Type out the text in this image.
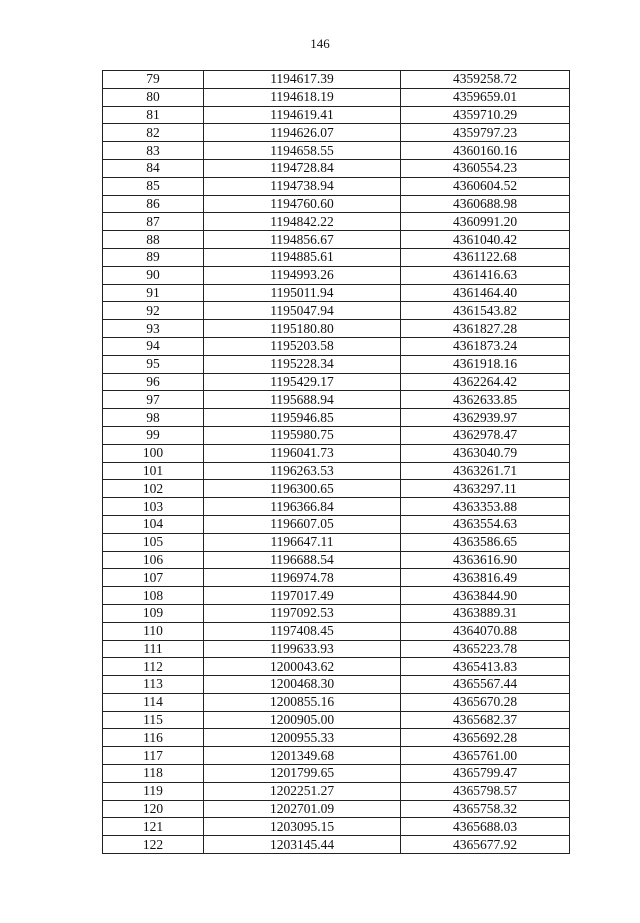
146
79	1194617.39	4359258.72
80	1194618.19	4359659.01
81	1194619.41	4359710.29
82	1194626.07	4359797.23
83	1194658.55	4360160.16
84	1194728.84	4360554.23
85	1194738.94	4360604.52
86	1194760.60	4360688.98
87	1194842.22	4360991.20
88	1194856.67	4361040.42
89	1194885.61	4361122.68
90	1194993.26	4361416.63
91	1195011.94	4361464.40
92	1195047.94	4361543.82
93	1195180.80	4361827.28
94	1195203.58	4361873.24
95	1195228.34	4361918.16
96	1195429.17	4362264.42
97	1195688.94	4362633.85
98	1195946.85	4362939.97
99	1195980.75	4362978.47
100	1196041.73	4363040.79
101	1196263.53	4363261.71
102	1196300.65	4363297.11
103	1196366.84	4363353.88
104	1196607.05	4363554.63
105	1196647.11	4363586.65
106	1196688.54	4363616.90
107	1196974.78	4363816.49
108	1197017.49	4363844.90
109	1197092.53	4363889.31
110	1197408.45	4364070.88
111	1199633.93	4365223.78
112	1200043.62	4365413.83
113	1200468.30	4365567.44
114	1200855.16	4365670.28
115	1200905.00	4365682.37
116	1200955.33	4365692.28
117	1201349.68	4365761.00
118	1201799.65	4365799.47
119	1202251.27	4365798.57
120	1202701.09	4365758.32
121	1203095.15	4365688.03
122	1203145.44	4365677.92
